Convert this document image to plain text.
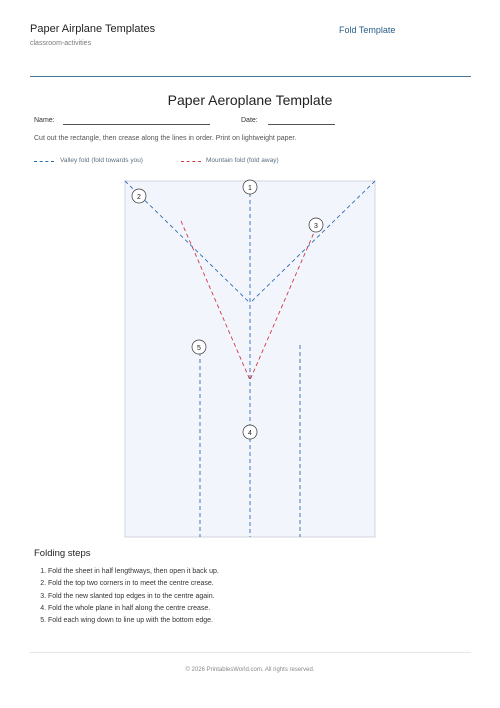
Paper Airplane Templates
classroom-activities
Fold Template
Paper Aeroplane Template
Name:	Date:
Cut out the rectangle, then crease along the lines in order. Print on lightweight paper.
Valley fold (fold towards you)	Mountain fold (fold away)
1
2
3
4
5
Folding steps
1. Fold the sheet in half lengthways, then open it back up.
2. Fold the top two corners in to meet the centre crease.
3. Fold the new slanted top edges in to the centre again.
4. Fold the whole plane in half along the centre crease.
5. Fold each wing down to line up with the bottom edge.
© 2026 PrintablesWorld.com. All rights reserved.
